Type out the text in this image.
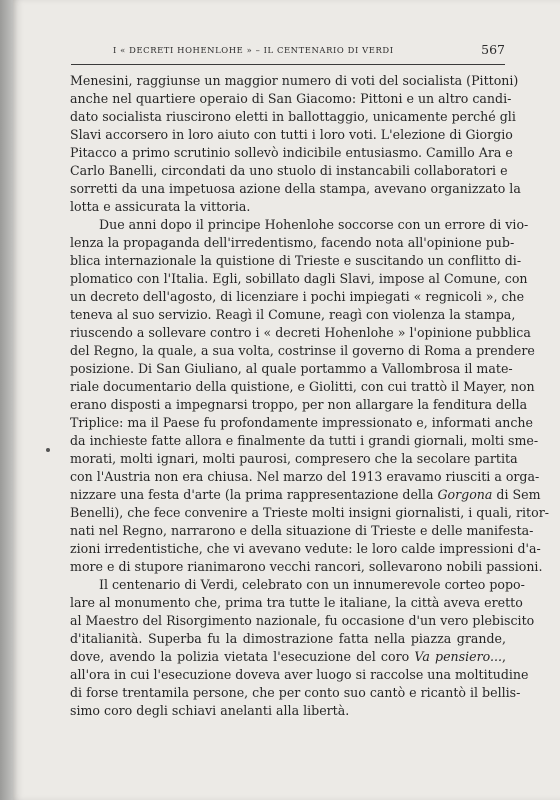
I « DECRETI HOHENLOHE » – IL CENTENARIO DI VERDI	567
Menesini, raggiunse un maggior numero di voti del socialista (Pittoni)
anche nel quartiere operaio di San Giacomo: Pittoni e un altro candi-
dato socialista riuscirono eletti in ballottaggio, unicamente perché gli
Slavi accorsero in loro aiuto con tutti i loro voti. L'elezione di Giorgio
Pitacco a primo scrutinio sollevò indicibile entusiasmo. Camillo Ara e
Carlo Banelli, circondati da uno stuolo di instancabili collaboratori e
sorretti da una impetuosa azione della stampa, avevano organizzato la
lotta e assicurata la vittoria.
Due anni dopo il principe Hohenlohe soccorse con un errore di vio-
lenza la propaganda dell'irredentismo, facendo nota all'opinione pub-
blica internazionale la quistione di Trieste e suscitando un conflitto di-
plomatico con l'Italia. Egli, sobillato dagli Slavi, impose al Comune, con
un decreto dell'agosto, di licenziare i pochi impiegati « regnicoli », che
teneva al suo servizio. Reagì il Comune, reagì con violenza la stampa,
riuscendo a sollevare contro i « decreti Hohenlohe » l'opinione pubblica
del Regno, la quale, a sua volta, costrinse il governo di Roma a prendere
posizione. Di San Giuliano, al quale portammo a Vallombrosa il mate-
riale documentario della quistione, e Giolitti, con cui trattò il Mayer, non
erano disposti a impegnarsi troppo, per non allargare la fenditura della
Triplice: ma il Paese fu profondamente impressionato e, informati anche
da inchieste fatte allora e finalmente da tutti i grandi giornali, molti sme-
morati, molti ignari, molti paurosi, compresero che la secolare partita
con l'Austria non era chiusa. Nel marzo del 1913 eravamo riusciti a orga-
nizzare una festa d'arte (la prima rappresentazione della Gorgona di Sem
Benelli), che fece convenire a Trieste molti insigni giornalisti, i quali, ritor-
nati nel Regno, narrarono e della situazione di Trieste e delle manifesta-
zioni irredentistiche, che vi avevano vedute: le loro calde impressioni d'a-
more e di stupore rianimarono vecchi rancori, sollevarono nobili passioni.
Il centenario di Verdi, celebrato con un innumerevole corteo popo-
lare al monumento che, prima tra tutte le italiane, la città aveva eretto
al Maestro del Risorgimento nazionale, fu occasione d'un vero plebiscito
d'italianità. Superba fu la dimostrazione fatta nella piazza grande,
dove, avendo la polizia vietata l'esecuzione del coro Va pensiero...,
all'ora in cui l'esecuzione doveva aver luogo si raccolse una moltitudine
di forse trentamila persone, che per conto suo cantò e ricantò il bellis-
simo coro degli schiavi anelanti alla libertà.
